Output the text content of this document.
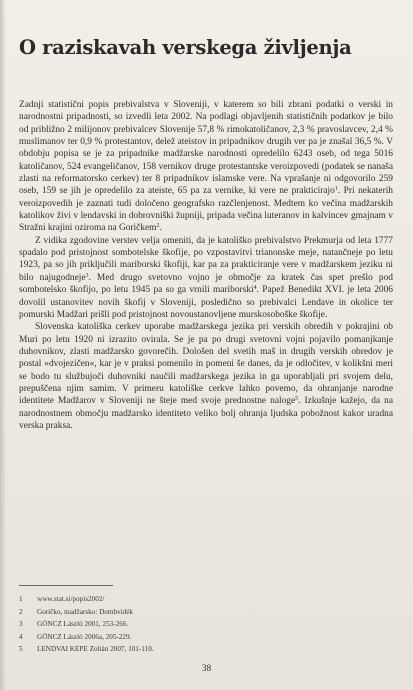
O raziskavah verskega življenja

Zadnji statistični popis prebivalstva v Sloveniji, v katerem so bili zbrani podatki o verski in narodnostni pripadnosti, so izvedli leta 2002. Na podlagi objavljenih statističnih podatkov je bilo od približno 2 milijonov prebivalcev Slovenije 57,8 % rimokatoličanov, 2,3 % pravoslavcev, 2,4 % muslimanov ter 0,9 % protestantov, delež ateistov in pripadnikov drugih ver pa je znašal 36,5 %. V obdobju popisa se je za pripadnike madžarske narodnosti opredelilo 6243 oseb, od tega 5016 katoličanov, 524 evangeličanov, 158 vernikov druge protestantske veroizpovedi (podatek se nanaša zlasti na reformatorsko cerkev) ter 8 pripadnikov islamske vere. Na vprašanje ni odgovorilo 259 oseb, 159 se jih je opredelilo za ateiste, 65 pa za vernike, ki vere ne prakticirajo$^1$. Pri nekaterih veroizpovedih je zaznati tudi določeno geografsko razčlenjenost. Medtem ko večina madžarskih katolikov živi v lendavski in dobrovniški župniji, pripada večina luteranov in kalvincev gmajnam v Stražni krajini oziroma na Goričkem$^2$.

Z vidika zgodovine verstev velja omeniti, da je katoliško prebivalstvo Prekmurja od leta 1777 spadalo pod pristojnost sombotelske škofije, po vzpostavitvi trianonske meje, natančneje po letu 1923, pa so jih priključili mariborski škofiji, kar pa za prakticiranje vere v madžarskem jeziku ni bilo najugodneje$^3$. Med drugo svetovno vojno je območje za kratek čas spet prešlo pod sombotelsko škofijo, po letu 1945 pa so ga vrnili mariborski$^4$. Papež Benedikt XVI. je leta 2006 dovolil ustanovitev novih škofij v Sloveniji, posledično so prebivalci Lendave in okolice ter pomurski Madžari prišli pod pristojnost novoustanovljene murskosoboške škofije.

Slovenska katoliška cerkev uporabe madžarskega jezika pri verskih obredih v pokrajini ob Muri po letu 1920 ni izrazito ovirala. Se je pa po drugi svetovni vojni pojavilo pomanjkanje duhovnikov, zlasti madžarsko govorečih. Dološen del svetih maš in drugih verskih obredov je postal »dvojezičen«, kar je v praksi pomenilo in pomeni še danes, da je odločitev, v kolikšni meri se bodo tu službujoči duhovniki naučili madžarskega jezika in ga uporabljali pri svojem delu, prepuščena njim samim. V primeru katoliške cerkve lahko povemo, da ohranjanje narodne identitete Madžarov v Sloveniji ne šteje med svoje prednostne naloge$^5$. Izkušnje kažejo, da na narodnostnem območju madžarsko identiteto veliko bolj ohranja ljudska pobožnost kakor uradna verska praksa.

1	www.stat.si/popis2002/
2	Goričko, madžarsko: Dombvidék
3	GÖNCZ László 2001, 253-266.
4	GÖNCZ László 2006a, 205-229.
5	LENDVAI KEPE Zoltán 2007, 101-110.
38
